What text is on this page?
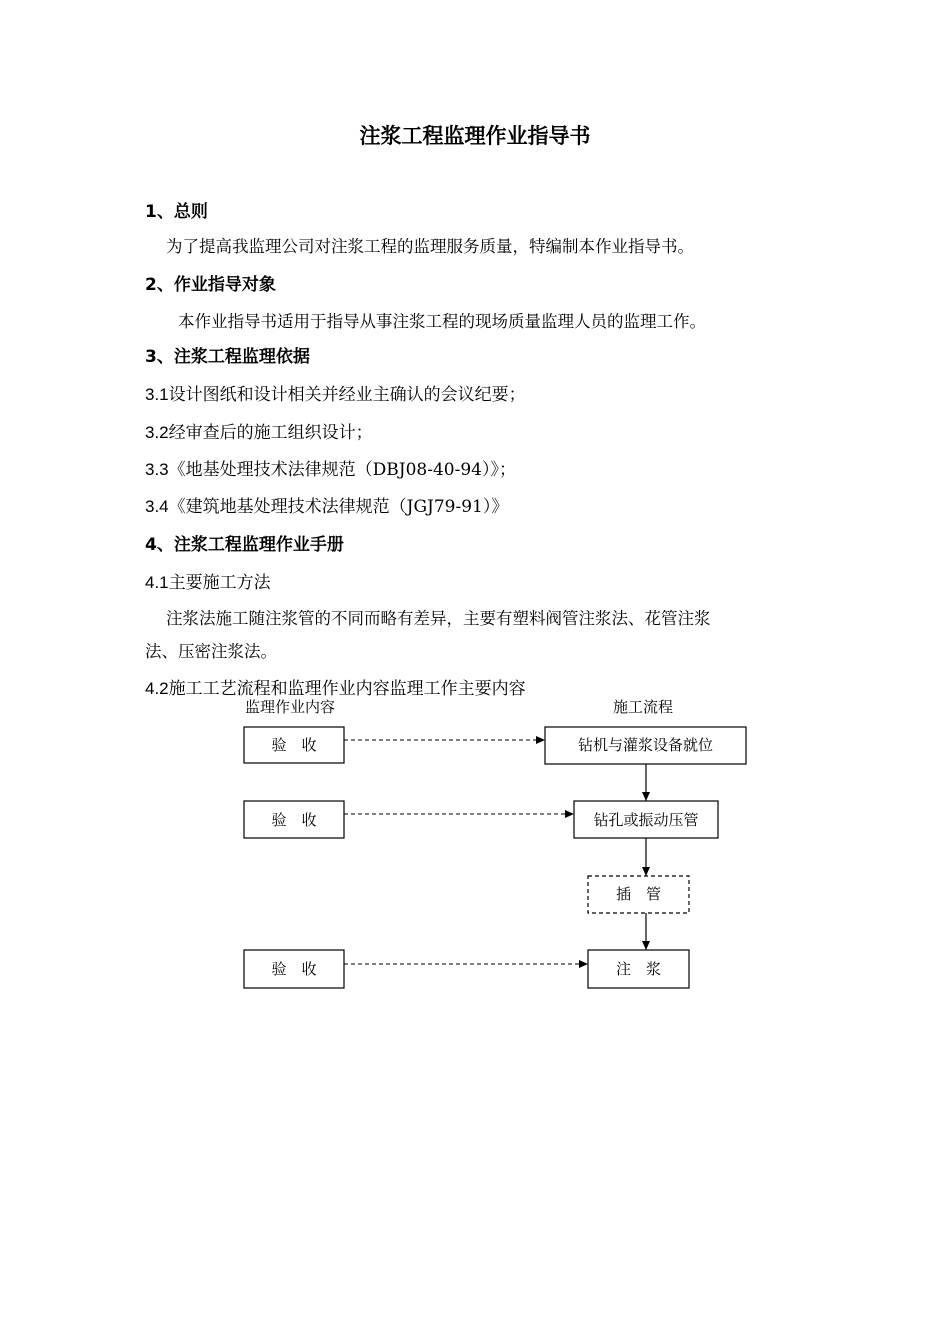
注浆工程监理作业指导书
1、总则
为了提高我监理公司对注浆工程的监理服务质量，特编制本作业指导书。
2、作业指导对象
本作业指导书适用于指导从事注浆工程的现场质量监理人员的监理工作。
3、注浆工程监理依据
3.1设计图纸和设计相关并经业主确认的会议纪要；
3.2经审查后的施工组织设计；
3.3《地基处理技术法律规范（DBJ08-40-94）》；
3.4《建筑地基处理技术法律规范（JGJ79-91）》
4、注浆工程监理作业手册
4.1主要施工方法
注浆法施工随注浆管的不同而略有差异，主要有塑料阀管注浆法、花管注浆
法、压密注浆法。
4.2施工工艺流程和监理作业内容监理工作主要内容
监理作业内容	施工流程
验　收
验　收
验　收
钻机与灌浆设备就位
钻孔或振动压管
插　管
注　浆
